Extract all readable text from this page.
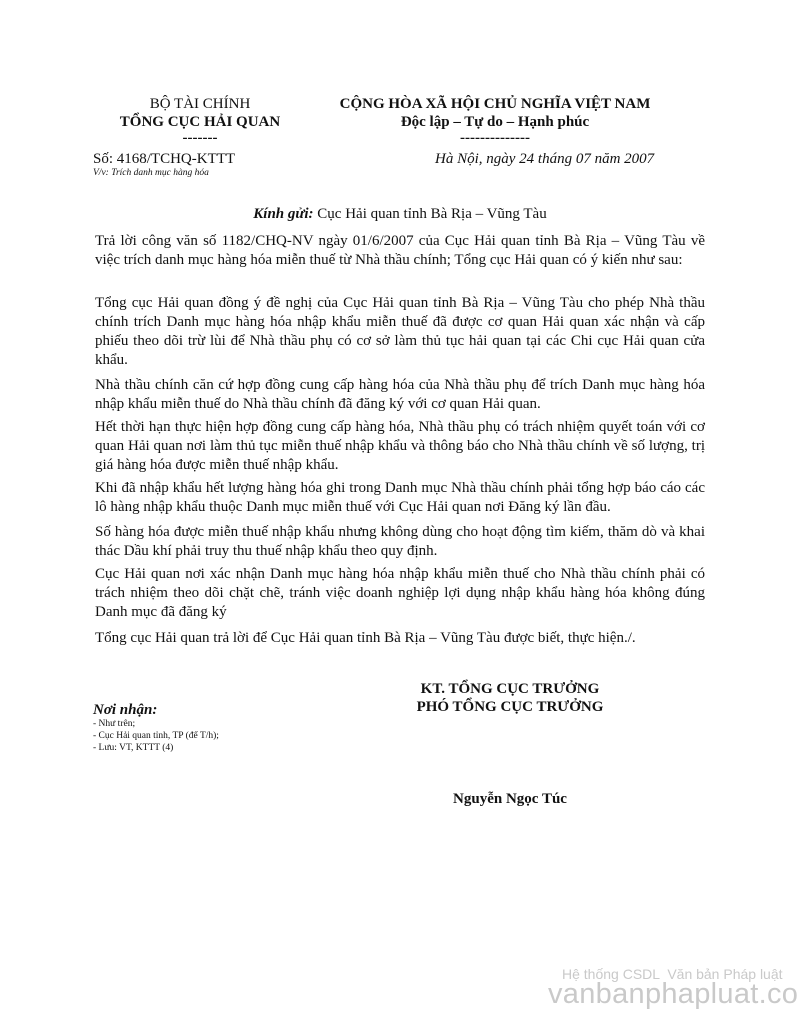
BỘ TÀI CHÍNH
TỔNG CỤC HẢI QUAN
-------
Số: 4168/TCHQ-KTTT
V/v: Trích danh mục hàng hóa
CỘNG HÒA XÃ HỘI CHỦ NGHĨA VIỆT NAM
Độc lập – Tự do – Hạnh phúc
--------------
Hà Nội, ngày 24 tháng 07 năm 2007
Kính gửi: Cục Hải quan tỉnh Bà Rịa – Vũng Tàu

Trả lời công văn số 1182/CHQ-NV ngày 01/6/2007 của Cục Hải quan tỉnh Bà Rịa – Vũng Tàu về việc trích danh mục hàng hóa miễn thuế từ Nhà thầu chính; Tổng cục Hải quan có ý kiến như sau:

Tổng cục Hải quan đồng ý đề nghị của Cục Hải quan tỉnh Bà Rịa – Vũng Tàu cho phép Nhà thầu chính trích Danh mục hàng hóa nhập khẩu miễn thuế đã được cơ quan Hải quan xác nhận và cấp phiếu theo dõi trừ lùi để Nhà thầu phụ có cơ sở làm thủ tục hải quan tại các Chi cục Hải quan cửa khẩu.

Nhà thầu chính căn cứ hợp đồng cung cấp hàng hóa của Nhà thầu phụ để trích Danh mục hàng hóa nhập khẩu miễn thuế do Nhà thầu chính đã đăng ký với cơ quan Hải quan.

Hết thời hạn thực hiện hợp đồng cung cấp hàng hóa, Nhà thầu phụ có trách nhiệm quyết toán với cơ quan Hải quan nơi làm thủ tục miễn thuế nhập khẩu và thông báo cho Nhà thầu chính về số lượng, trị giá hàng hóa được miễn thuế nhập khẩu.

Khi đã nhập khẩu hết lượng hàng hóa ghi trong Danh mục Nhà thầu chính phải tổng hợp báo cáo các lô hàng nhập khẩu thuộc Danh mục miễn thuế với Cục Hải quan nơi Đăng ký lần đầu.

Số hàng hóa được miễn thuế nhập khẩu nhưng không dùng cho hoạt động tìm kiếm, thăm dò và khai thác Dầu khí phải truy thu thuế nhập khẩu theo quy định.

Cục Hải quan nơi xác nhận Danh mục hàng hóa nhập khẩu miễn thuế cho Nhà thầu chính phải có trách nhiệm theo dõi chặt chẽ, tránh việc doanh nghiệp lợi dụng nhập khẩu hàng hóa không đúng Danh mục đã đăng ký

Tổng cục Hải quan trả lời để Cục Hải quan tỉnh Bà Rịa – Vũng Tàu được biết, thực hiện./.

Nơi nhận:
- Như trên;
- Cục Hải quan tỉnh, TP (để T/h);
- Lưu: VT, KTTT (4)
KT. TỔNG CỤC TRƯỞNG
PHÓ TỔNG CỤC TRƯỞNG
Nguyễn Ngọc Túc
Hệ thống CSDL  Văn bản Pháp luật
vanbanphapluat.co
